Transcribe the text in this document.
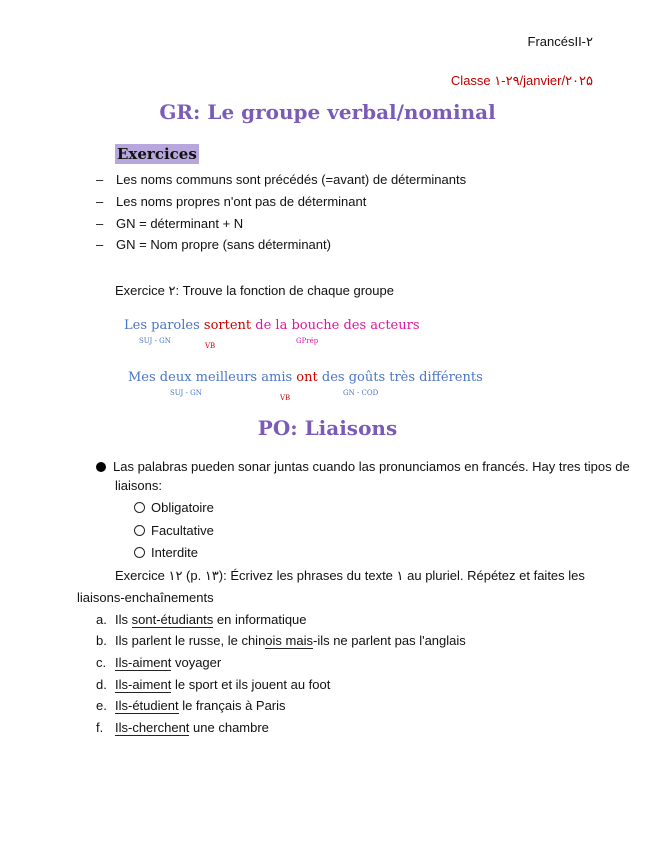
FrancésII-۲
Classe ۱-۲۹/janvier/۲۰۲۵
GR: Le groupe verbal/nominal
Exercices
– Les noms communs sont précédés (=avant) de déterminants
– Les noms propres n'ont pas de déterminant
– GN = déterminant + N
– GN = Nom propre (sans déterminant)
Exercice ۲: Trouve la fonction de chaque groupe
Les paroles sortent de la bouche des acteurs
SUJ - GN
VB
GPrép
Mes deux meilleurs amis ont des goûts très différents
SUJ - GN
VB
GN - COD
PO: Liaisons
Las palabras pueden sonar juntas cuando las pronunciamos en francés. Hay tres tipos de
liaisons:
Obligatoire
Facultative
Interdite
Exercice ۱۲ (p. ۱۳): Écrivez les phrases du texte ۱ au pluriel. Répétez et faites les
liaisons-enchaînements
a. Ils sont-étudiants en informatique
b. Ils parlent le russe, le chinois mais-ils ne parlent pas l'anglais
c. Ils-aiment voyager
d. Ils-aiment le sport et ils jouent au foot
e. Ils-étudient le français à Paris
f. Ils-cherchent une chambre
